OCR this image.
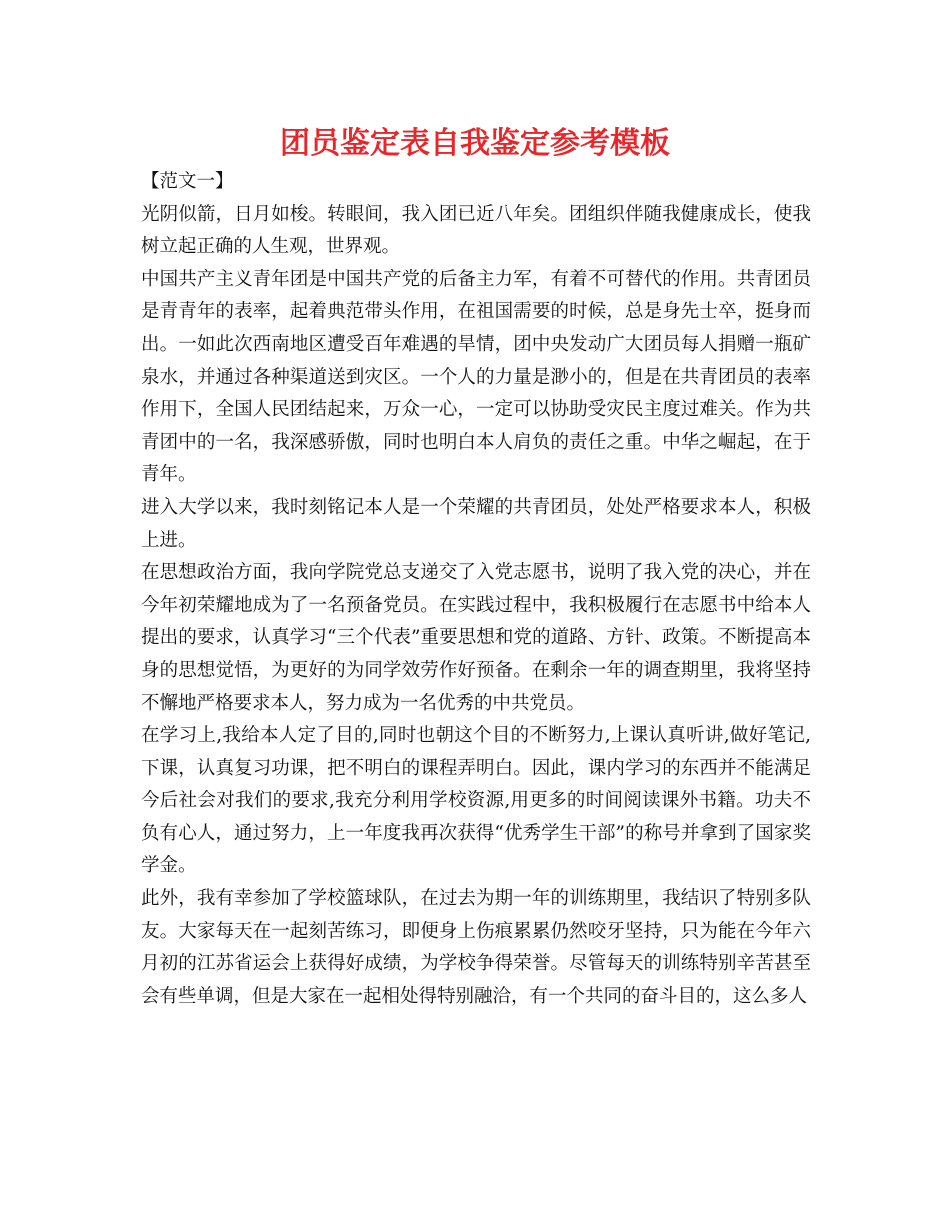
团员鉴定表自我鉴定参考模板

【范文一】

光阴似箭，日月如梭。转眼间，我入团已近八年矣。团组织伴随我健康成长，使我树立起正确的人生观，世界观。

中国共产主义青年团是中国共产党的后备主力军，有着不可替代的作用。共青团员是青青年的表率，起着典范带头作用，在祖国需要的时候，总是身先士卒，挺身而出。一如此次西南地区遭受百年难遇的旱情，团中央发动广大团员每人捐赠一瓶矿泉水，并通过各种渠道送到灾区。一个人的力量是渺小的，但是在共青团员的表率作用下，全国人民团结起来，万众一心，一定可以协助受灾民主度过难关。作为共青团中的一名，我深感骄傲，同时也明白本人肩负的责任之重。中华之崛起，在于青年。

进入大学以来，我时刻铭记本人是一个荣耀的共青团员，处处严格要求本人，积极上进。

在思想政治方面，我向学院党总支递交了入党志愿书，说明了我入党的决心，并在今年初荣耀地成为了一名预备党员。在实践过程中，我积极履行在志愿书中给本人提出的要求，认真学习“三个代表”重要思想和党的道路、方针、政策。不断提高本身的思想觉悟，为更好的为同学效劳作好预备。在剩余一年的调查期里，我将坚持不懈地严格要求本人，努力成为一名优秀的中共党员。

在学习上,我给本人定了目的,同时也朝这个目的不断努力,上课认真听讲,做好笔记,下课，认真复习功课，把不明白的课程弄明白。因此，课内学习的东西并不能满足今后社会对我们的要求,我充分利用学校资源,用更多的时间阅读课外书籍。功夫不负有心人，通过努力，上一年度我再次获得“优秀学生干部”的称号并拿到了国家奖学金。

此外，我有幸参加了学校篮球队，在过去为期一年的训练期里，我结识了特别多队友。大家每天在一起刻苦练习，即便身上伤痕累累仍然咬牙坚持，只为能在今年六月初的江苏省运会上获得好成绩，为学校争得荣誉。尽管每天的训练特别辛苦甚至会有些单调，但是大家在一起相处得特别融洽，有一个共同的奋斗目的，这么多人
